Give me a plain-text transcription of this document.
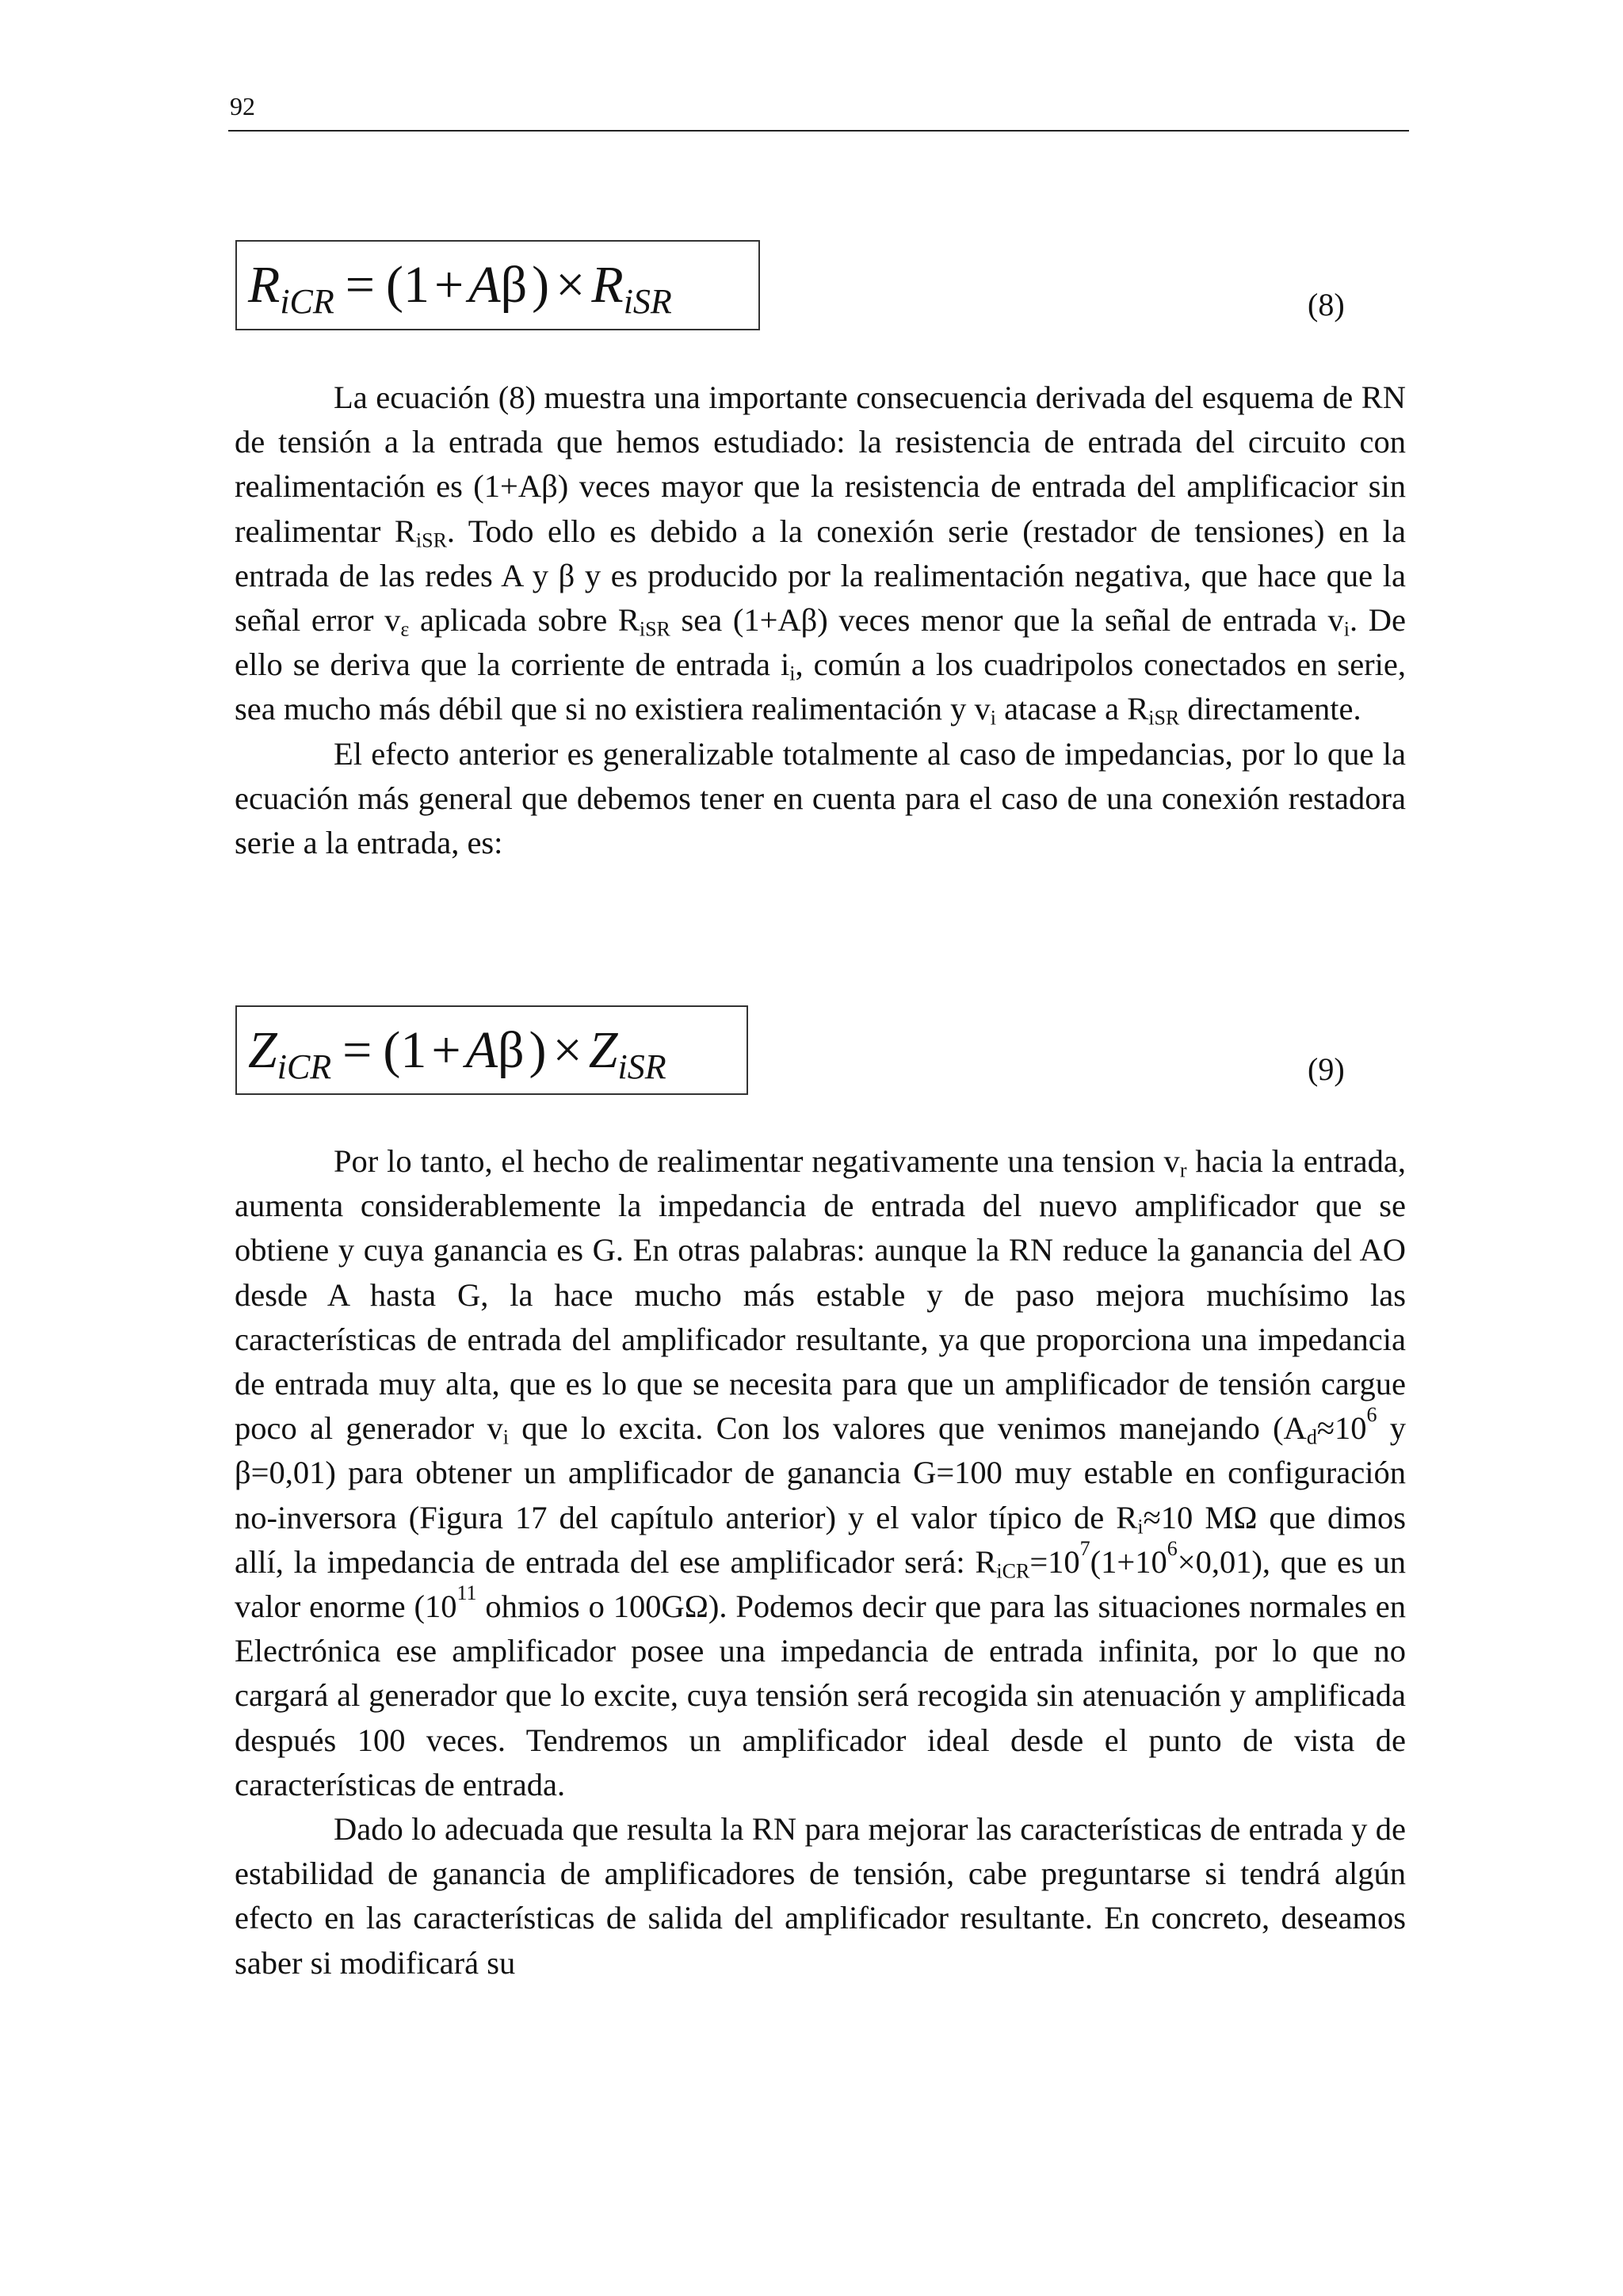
92
$R_{iCR} = (1+A\beta) \times R_{iSR}$	(8)

La ecuación (8) muestra una importante consecuencia derivada del esquema de RN de tensión a la entrada que hemos estudiado: la resistencia de entrada del circuito con realimentación es (1+Aβ) veces mayor que la resistencia de entrada del amplificacior sin realimentar $R_{iSR}$. Todo ello es debido a la conexión serie (restador de tensiones) en la entrada de las redes A y β y es producido por la realimentación negativa, que hace que la señal error $v_\varepsilon$ aplicada sobre $R_{iSR}$ sea (1+Aβ) veces menor que la señal de entrada $v_i$. De ello se deriva que la corriente de entrada $i_i$, común a los cuadripolos conectados en serie, sea mucho más débil que si no existiera realimentación y $v_i$ atacase a $R_{iSR}$ directamente.

El efecto anterior es generalizable totalmente al caso de impedancias, por lo que la ecuación más general que debemos tener en cuenta para el caso de una conexión restadora serie a la entrada, es:

$Z_{iCR} = (1+A\beta) \times Z_{iSR}$	(9)

Por lo tanto, el hecho de realimentar negativamente una tension $v_r$ hacia la entrada, aumenta considerablemente la impedancia de entrada del nuevo amplificador que se obtiene y cuya ganancia es G. En otras palabras: aunque la RN reduce la ganancia del AO desde A hasta G, la hace mucho más estable y de paso mejora muchísimo las características de entrada del amplificador resultante, ya que proporciona una impedancia de entrada muy alta, que es lo que se necesita para que un amplificador de tensión cargue poco al generador $v_i$ que lo excita. Con los valores que venimos manejando ($A_d\approx 10^6$ y β=0,01) para obtener un amplificador de ganancia G=100 muy estable en configuración no-inversora (Figura 17 del capítulo anterior) y el valor típico de $R_i\approx 10$ MΩ que dimos allí, la impedancia de entrada del ese amplificador será: $R_{iCR}=10^7(1+10^6\times 0,01)$, que es un valor enorme ($10^{11}$ ohmios o 100GΩ). Podemos decir que para las situaciones normales en Electrónica ese amplificador posee una impedancia de entrada infinita, por lo que no cargará al generador que lo excite, cuya tensión será recogida sin atenuación y amplificada después 100 veces. Tendremos un amplificador ideal desde el punto de vista de características de entrada.

Dado lo adecuada que resulta la RN para mejorar las características de entrada y de estabilidad de ganancia de amplificadores de tensión, cabe preguntarse si tendrá algún efecto en las características de salida del amplificador resultante. En concreto, deseamos saber si modificará su
